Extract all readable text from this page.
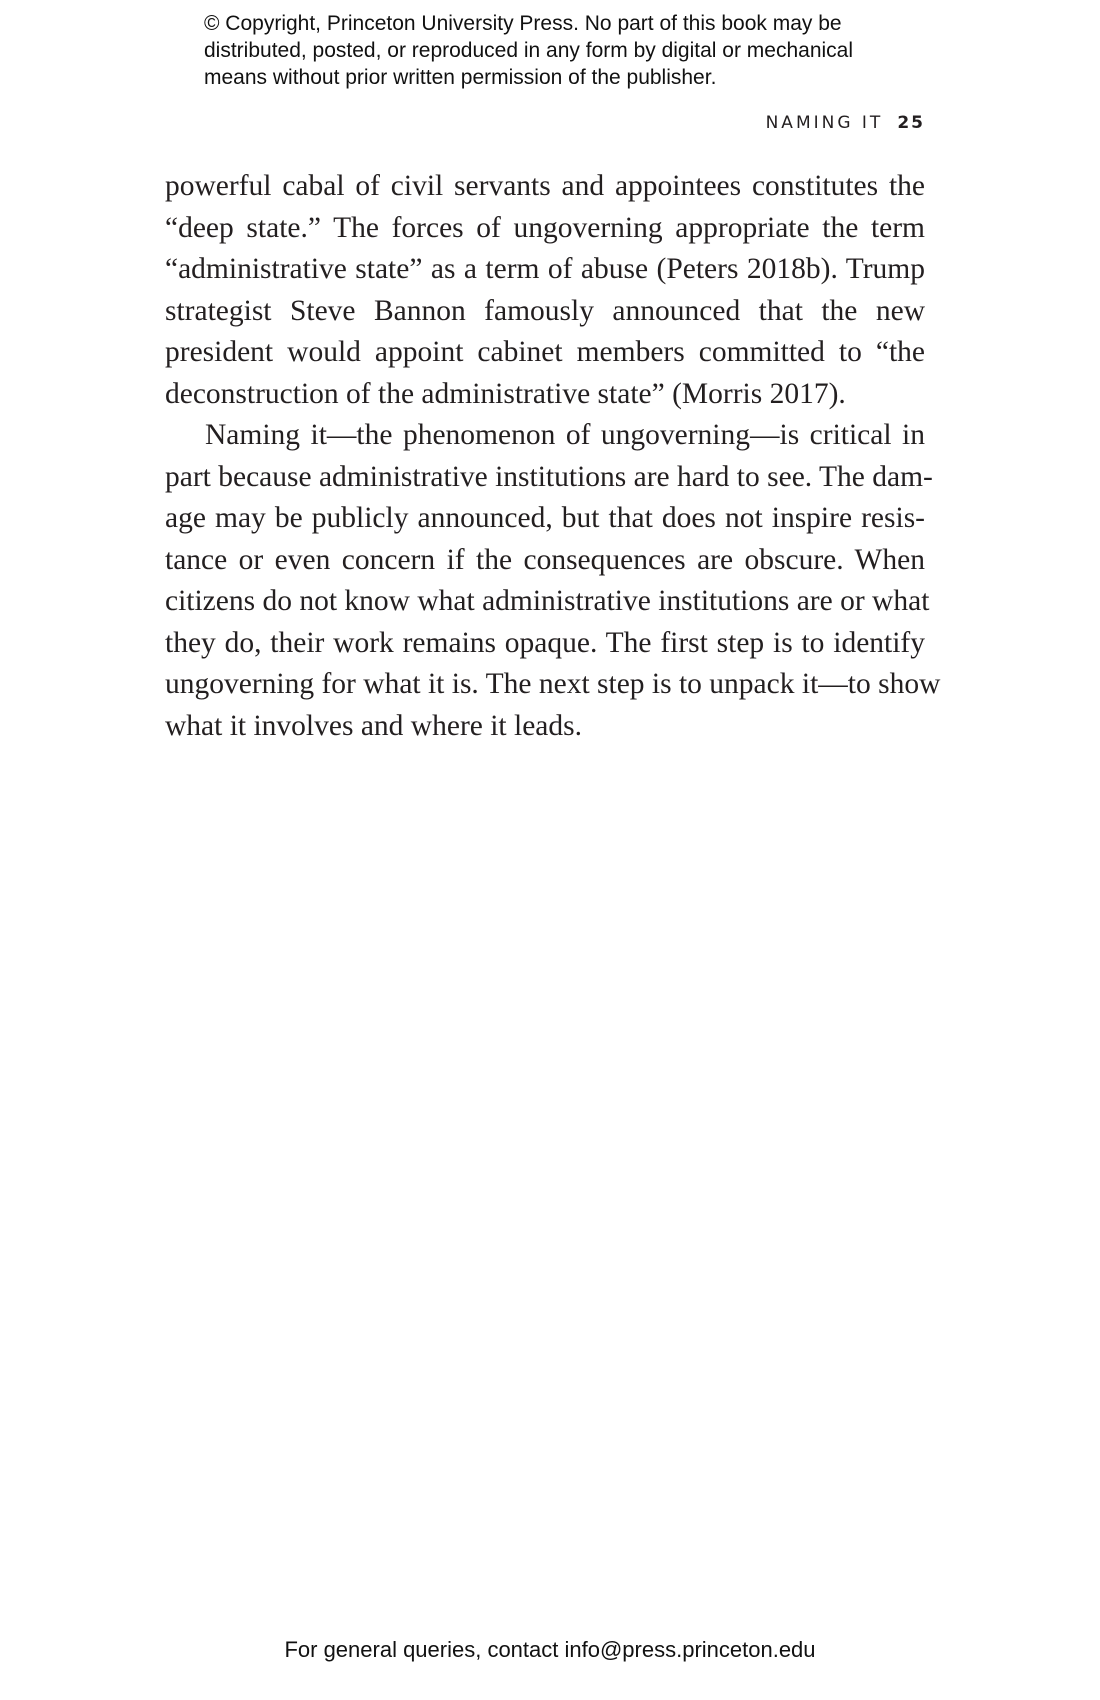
© Copyright, Princeton University Press. No part of this book may be
distributed, posted, or reproduced in any form by digital or mechanical
means without prior written permission of the publisher.
NAMING IT 25
powerful cabal of civil servants and appointees constitutes the
“deep state.” The forces of ungoverning appropriate the term
“administrative state” as a term of abuse (Peters 2018b). Trump
strategist Steve Bannon famously announced that the new
president would appoint cabinet members committed to “the
deconstruction of the administrative state” (Morris 2017).
Naming it—the phenomenon of ungoverning—is critical in
part because administrative institutions are hard to see. The dam-
age may be publicly announced, but that does not inspire resis-
tance or even concern if the consequences are obscure. When
citizens do not know what administrative institutions are or what
they do, their work remains opaque. The first step is to identify
ungoverning for what it is. The next step is to unpack it—to show
what it involves and where it leads.
For general queries, contact info@press.princeton.edu
